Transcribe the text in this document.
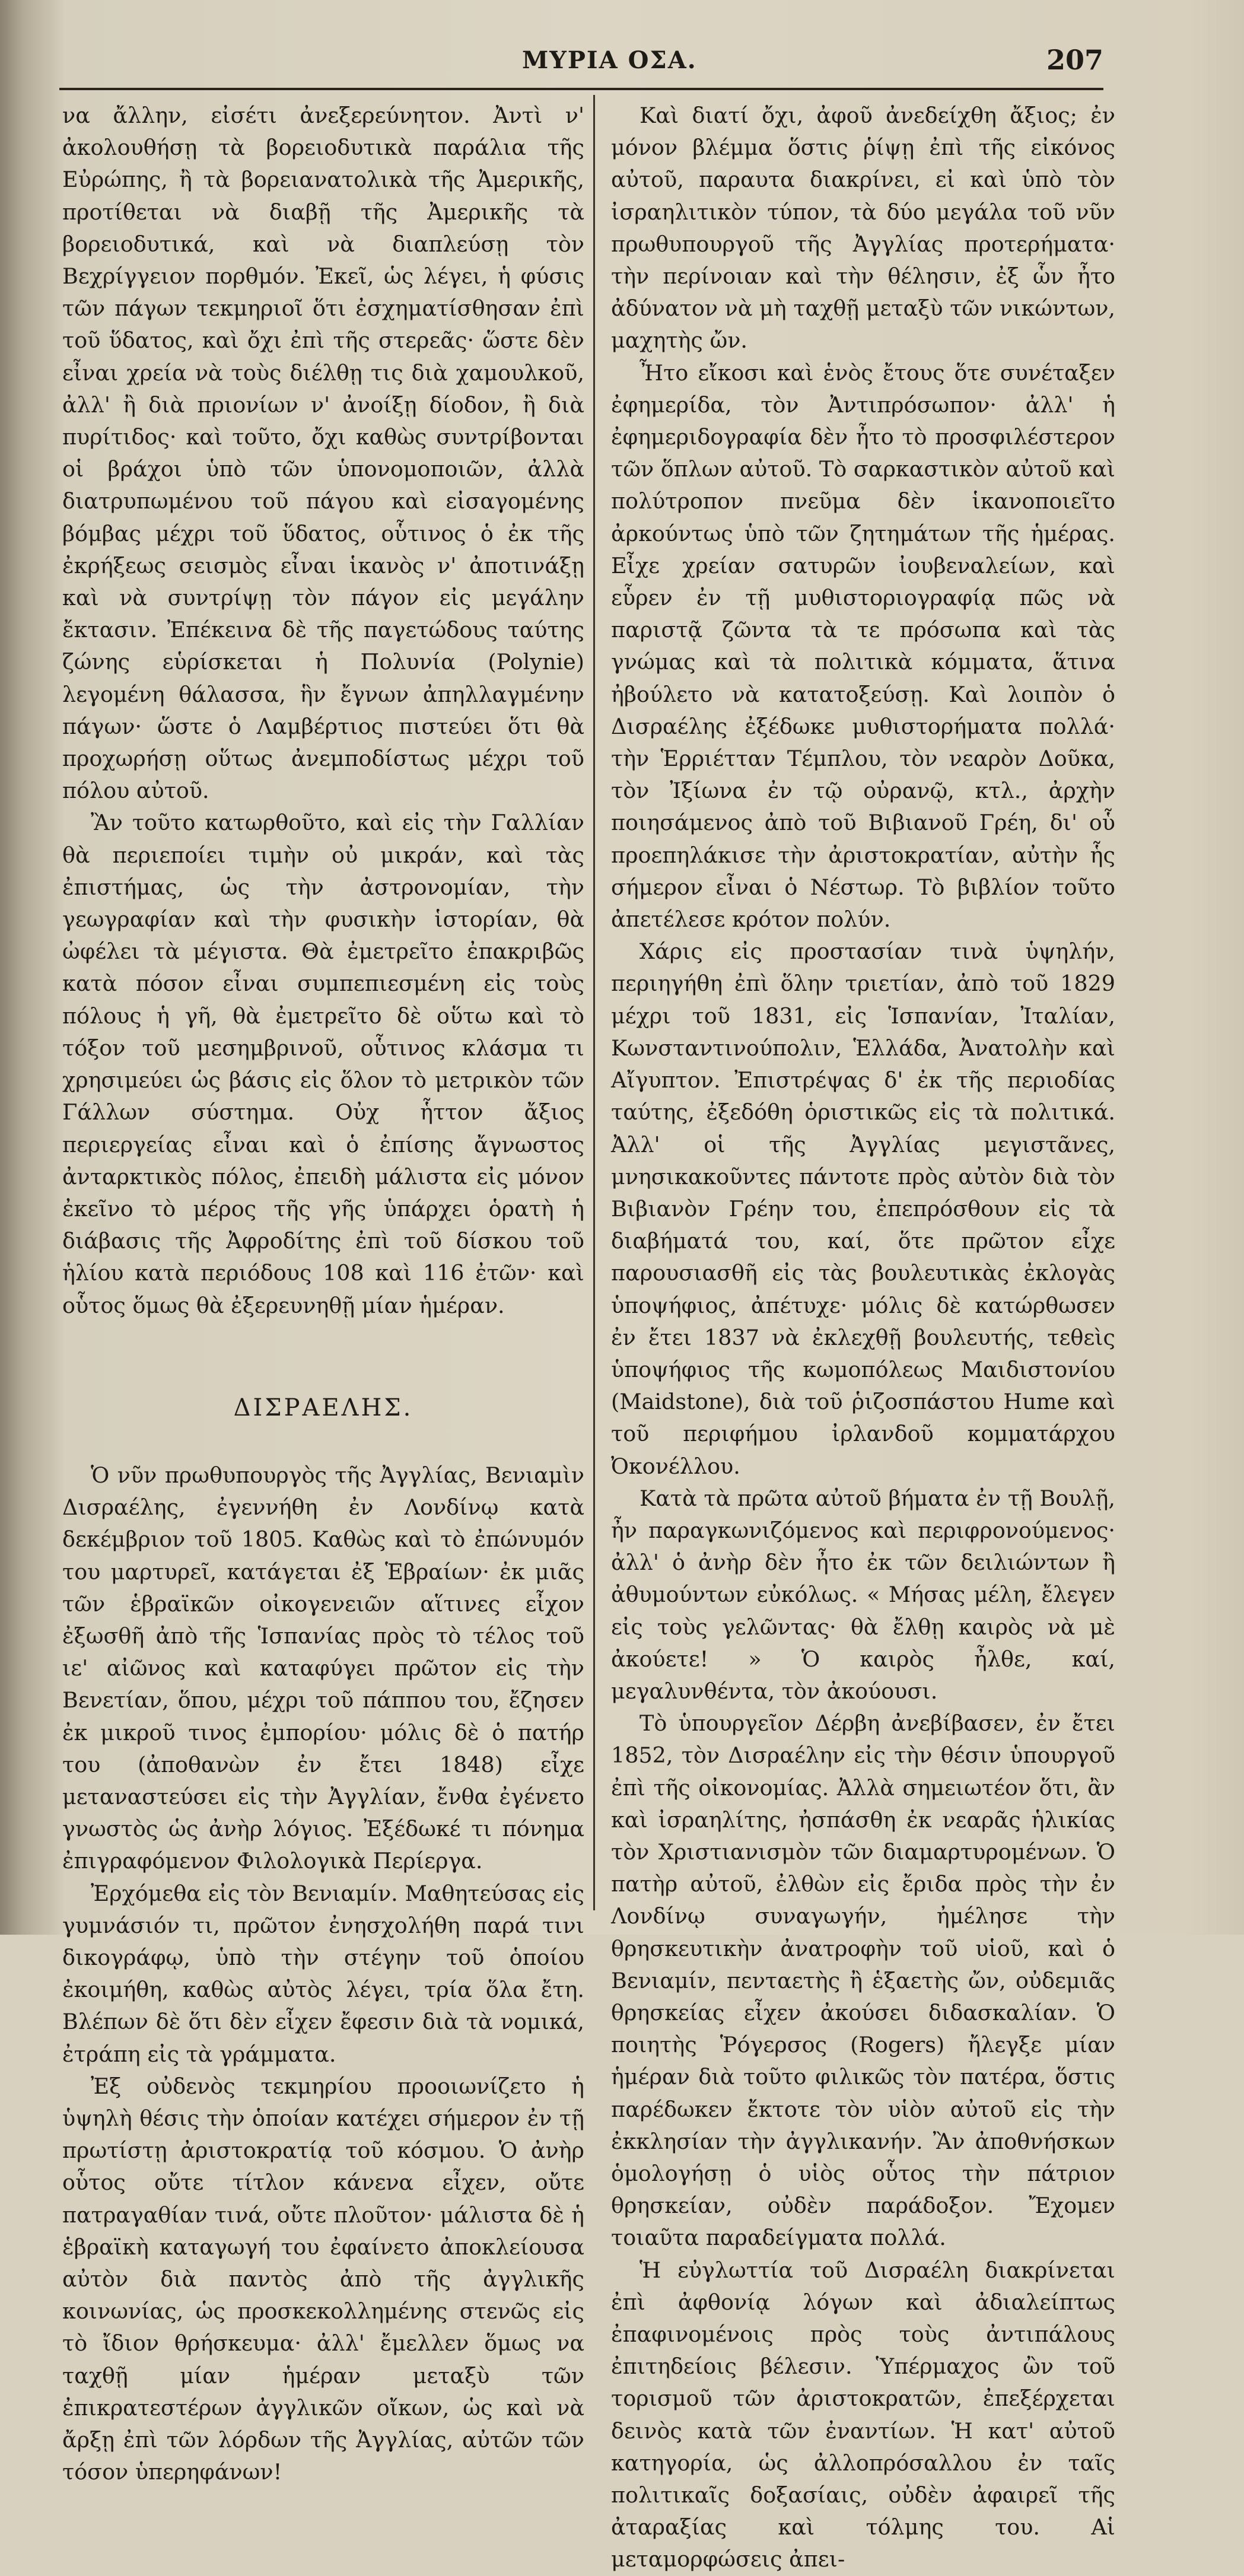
ΜΥΡΙΑ ΟΣΑ.	207

να ἄλλην, εἰσέτι ἀνεξερεύνητον. Ἀντὶ ν' ἀκολουθήσῃ τὰ βορειοδυτικὰ παράλια τῆς Εὐρώπης, ἢ τὰ βορειανατολικὰ τῆς Ἀμερικῆς, προτίθεται νὰ διαβῇ τῆς Ἀμερικῆς τὰ βορειοδυτικά, καὶ νὰ διαπλεύσῃ τὸν Βεχρίγγειον πορθμόν. Ἐκεῖ, ὡς λέγει, ἡ φύσις τῶν πάγων τεκμηριοῖ ὅτι ἐσχηματίσθησαν ἐπὶ τοῦ ὕδατος, καὶ ὄχι ἐπὶ τῆς στερεᾶς· ὥστε δὲν εἶναι χρεία νὰ τοὺς διέλθῃ τις διὰ χαμουλκοῦ, ἀλλ' ἢ διὰ πριονίων ν' ἀνοίξῃ δίοδον, ἢ διὰ πυρίτιδος· καὶ τοῦτο, ὄχι καθὼς συντρίβονται οἱ βράχοι ὑπὸ τῶν ὑπονομοποιῶν, ἀλλὰ διατρυπωμένου τοῦ πάγου καὶ εἰσαγομένης βόμβας μέχρι τοῦ ὕδατος, οὗτινος ὁ ἐκ τῆς ἐκρήξεως σεισμὸς εἶναι ἱκανὸς ν' ἀποτινάξῃ καὶ νὰ συντρίψῃ τὸν πάγον εἰς μεγάλην ἔκτασιν. Ἐπέκεινα δὲ τῆς παγετώδους ταύτης ζώνης εὑρίσκεται ἡ Πολυνία (Polynie) λεγομένη θάλασσα, ἣν ἔγνων ἀπηλλαγμένην πάγων· ὥστε ὁ Λαμβέρτιος πιστεύει ὅτι θὰ προχωρήσῃ οὕτως ἀνεμποδίστως μέχρι τοῦ πόλου αὐτοῦ.

Ἂν τοῦτο κατωρθοῦτο, καὶ εἰς τὴν Γαλλίαν θὰ περιεποίει τιμὴν οὐ μικράν, καὶ τὰς ἐπιστήμας, ὡς τὴν ἀστρονομίαν, τὴν γεωγραφίαν καὶ τὴν φυσικὴν ἱστορίαν, θὰ ὠφέλει τὰ μέγιστα. Θὰ ἐμετρεῖτο ἐπακριβῶς κατὰ πόσον εἶναι συμπεπιεσμένη εἰς τοὺς πόλους ἡ γῆ, θὰ ἐμετρεῖτο δὲ οὕτω καὶ τὸ τόξον τοῦ μεσημβρινοῦ, οὗτινος κλάσμα τι χρησιμεύει ὡς βάσις εἰς ὅλον τὸ μετρικὸν τῶν Γάλλων σύστημα. Οὐχ ἧττον ἄξιος περιεργείας εἶναι καὶ ὁ ἐπίσης ἄγνωστος ἀνταρκτικὸς πόλος, ἐπειδὴ μάλιστα εἰς μόνον ἐκεῖνο τὸ μέρος τῆς γῆς ὑπάρχει ὁρατὴ ἡ διάβασις τῆς Ἀφροδίτης ἐπὶ τοῦ δίσκου τοῦ ἡλίου κατὰ περιόδους 108 καὶ 116 ἐτῶν· καὶ οὗτος ὅμως θὰ ἐξερευνηθῇ μίαν ἡμέραν.

ΔΙΣΡΑΕΛΗΣ.

Ὁ νῦν πρωθυπουργὸς τῆς Ἀγγλίας, Βενιαμὶν Δισραέλης, ἐγεννήθη ἐν Λονδίνῳ κατὰ δεκέμβριον τοῦ 1805. Καθὼς καὶ τὸ ἐπώνυμόν του μαρτυρεῖ, κατάγεται ἐξ Ἑβραίων· ἐκ μιᾶς τῶν ἑβραϊκῶν οἰκογενειῶν αἵτινες εἶχον ἐξωσθῆ ἀπὸ τῆς Ἱσπανίας πρὸς τὸ τέλος τοῦ ιε' αἰῶνος καὶ καταφύγει πρῶτον εἰς τὴν Βενετίαν, ὅπου, μέχρι τοῦ πάππου του, ἔζησεν ἐκ μικροῦ τινος ἐμπορίου· μόλις δὲ ὁ πατήρ του (ἀποθανὼν ἐν ἔτει 1848) εἶχε μεταναστεύσει εἰς τὴν Ἀγγλίαν, ἔνθα ἐγένετο γνωστὸς ὡς ἀνὴρ λόγιος. Ἐξέδωκέ τι πόνημα ἐπιγραφόμενον Φιλολογικὰ Περίεργα.

Ἐρχόμεθα εἰς τὸν Βενιαμίν. Μαθητεύσας εἰς γυμνάσιόν τι, πρῶτον ἐνησχολήθη παρά τινι δικογράφῳ, ὑπὸ τὴν στέγην τοῦ ὁποίου ἐκοιμήθη, καθὼς αὐτὸς λέγει, τρία ὅλα ἔτη. Βλέπων δὲ ὅτι δὲν εἶχεν ἔφεσιν διὰ τὰ νομικά, ἐτράπη εἰς τὰ γράμματα.

Ἐξ οὐδενὸς τεκμηρίου προοιωνίζετο ἡ ὑψηλὴ θέσις τὴν ὁποίαν κατέχει σήμερον ἐν τῇ πρωτίστῃ ἀριστοκρατίᾳ τοῦ κόσμου. Ὁ ἀνὴρ οὗτος οὔτε τίτλον κάνενα εἶχεν, οὔτε πατραγαθίαν τινά, οὔτε πλοῦτον· μάλιστα δὲ ἡ ἑβραϊκὴ καταγωγή του ἐφαίνετο ἀποκλείουσα αὐτὸν διὰ παντὸς ἀπὸ τῆς ἀγγλικῆς κοινωνίας, ὡς προσκεκολλημένης στενῶς εἰς τὸ ἴδιον θρήσκευμα· ἀλλ' ἔμελλεν ὅμως να ταχθῇ μίαν ἡμέραν μεταξὺ τῶν ἐπικρατεστέρων ἀγγλικῶν οἴκων, ὡς καὶ νὰ ἄρξῃ ἐπὶ τῶν λόρδων τῆς Ἀγγλίας, αὐτῶν τῶν τόσον ὑπερηφάνων!

Καὶ διατί ὄχι, ἀφοῦ ἀνεδείχθη ἄξιος; ἐν μόνον βλέμμα ὅστις ῥίψῃ ἐπὶ τῆς εἰκόνος αὐτοῦ, παραυτα διακρίνει, εἰ καὶ ὑπὸ τὸν ἰσραηλιτικὸν τύπον, τὰ δύο μεγάλα τοῦ νῦν πρωθυπουργοῦ τῆς Ἀγγλίας προτερήματα· τὴν περίνοιαν καὶ τὴν θέλησιν, ἐξ ὧν ἦτο ἀδύνατον νὰ μὴ ταχθῇ μεταξὺ τῶν νικώντων, μαχητὴς ὤν.

Ἦτο εἴκοσι καὶ ἑνὸς ἔτους ὅτε συνέταξεν ἐφημερίδα, τὸν Ἀντιπρόσωπον· ἀλλ' ἡ ἐφημεριδογραφία δὲν ἦτο τὸ προσφιλέστερον τῶν ὅπλων αὐτοῦ. Τὸ σαρκαστικὸν αὐτοῦ καὶ πολύτροπον πνεῦμα δὲν ἱκανοποιεῖτο ἀρκούντως ὑπὸ τῶν ζητημάτων τῆς ἡμέρας. Εἶχε χρείαν σατυρῶν ἰουβεναλείων, καὶ εὗρεν ἐν τῇ μυθιστοριογραφίᾳ πῶς νὰ παριστᾷ ζῶντα τὰ τε πρόσωπα καὶ τὰς γνώμας καὶ τὰ πολιτικὰ κόμματα, ἅτινα ἠβούλετο νὰ κατατοξεύσῃ. Καὶ λοιπὸν ὁ Δισραέλης ἐξέδωκε μυθιστορήματα πολλά· τὴν Ἑρριέτταν Τέμπλου, τὸν νεαρὸν Δοῦκα, τὸν Ἰξίωνα ἐν τῷ οὐρανῷ, κτλ., ἀρχὴν ποιησάμενος ἀπὸ τοῦ Βιβιανοῦ Γρέη, δι' οὗ προεπηλάκισε τὴν ἀριστοκρατίαν, αὐτὴν ἧς σήμερον εἶναι ὁ Νέστωρ. Τὸ βιβλίον τοῦτο ἀπετέλεσε κρότον πολύν.

Χάρις εἰς προστασίαν τινὰ ὑψηλήν, περιηγήθη ἐπὶ ὅλην τριετίαν, ἀπὸ τοῦ 1829 μέχρι τοῦ 1831, εἰς Ἱσπανίαν, Ἰταλίαν, Κωνσταντινούπολιν, Ἑλλάδα, Ἀνατολὴν καὶ Αἴγυπτον. Ἐπιστρέψας δ' ἐκ τῆς περιοδίας ταύτης, ἐξεδόθη ὁριστικῶς εἰς τὰ πολιτικά. Ἀλλ' οἱ τῆς Ἀγγλίας μεγιστᾶνες, μνησικακοῦντες πάντοτε πρὸς αὐτὸν διὰ τὸν Βιβιανὸν Γρέην του, ἐπεπρόσθουν εἰς τὰ διαβήματά του, καί, ὅτε πρῶτον εἶχε παρουσιασθῆ εἰς τὰς βουλευτικὰς ἐκλογὰς ὑποψήφιος, ἀπέτυχε· μόλις δὲ κατώρθωσεν ἐν ἔτει 1837 νὰ ἐκλεχθῇ βουλευτής, τεθεὶς ὑποψήφιος τῆς κωμοπόλεως Μαιδιστονίου (Maidstone), διὰ τοῦ ῥιζοσπάστου Hume καὶ τοῦ περιφήμου ἰρλανδοῦ κομματάρχου Ὀκονέλλου.

Κατὰ τὰ πρῶτα αὐτοῦ βήματα ἐν τῇ Βουλῇ, ἦν παραγκωνιζόμενος καὶ περιφρονούμενος· ἀλλ' ὁ ἀνὴρ δὲν ἦτο ἐκ τῶν δειλιώντων ἢ ἀθυμούντων εὐκόλως. « Μήσας μέλη, ἔλεγεν εἰς τοὺς γελῶντας· θὰ ἔλθῃ καιρὸς νὰ μὲ ἀκούετε! » Ὁ καιρὸς ἦλθε, καί, μεγαλυνθέντα, τὸν ἀκούουσι.

Τὸ ὑπουργεῖον Δέρβη ἀνεβίβασεν, ἐν ἔτει 1852, τὸν Δισραέλην εἰς τὴν θέσιν ὑπουργοῦ ἐπὶ τῆς οἰκονομίας. Ἀλλὰ σημειωτέον ὅτι, ἂν καὶ ἰσραηλίτης, ἠσπάσθη ἐκ νεαρᾶς ἡλικίας τὸν Χριστιανισμὸν τῶν διαμαρτυρομένων. Ὁ πατὴρ αὐτοῦ, ἐλθὼν εἰς ἔριδα πρὸς τὴν ἐν Λονδίνῳ συναγωγήν, ἠμέλησε τὴν θρησκευτικὴν ἀνατροφὴν τοῦ υἱοῦ, καὶ ὁ Βενιαμίν, πενταετὴς ἢ ἑξαετὴς ὤν, οὐδεμιᾶς θρησκείας εἶχεν ἀκούσει διδασκαλίαν. Ὁ ποιητὴς Ῥόγερσος (Rogers) ἤλεγξε μίαν ἡμέραν διὰ τοῦτο φιλικῶς τὸν πατέρα, ὅστις παρέδωκεν ἔκτοτε τὸν υἱὸν αὐτοῦ εἰς τὴν ἐκκλησίαν τὴν ἀγγλικανήν. Ἂν ἀποθνήσκων ὁμολογήσῃ ὁ υἱὸς οὗτος τὴν πάτριον θρησκείαν, οὐδὲν παράδοξον. Ἔχομεν τοιαῦτα παραδείγματα πολλά.

Ἡ εὐγλωττία τοῦ Δισραέλη διακρίνεται ἐπὶ ἀφθονίᾳ λόγων καὶ ἀδιαλείπτως ἐπαφινομένοις πρὸς τοὺς ἀντιπάλους ἐπιτηδείοις βέλεσιν. Ὑπέρμαχος ὢν τοῦ τορισμοῦ τῶν ἀριστοκρατῶν, ἐπεξέρχεται δεινὸς κατὰ τῶν ἐναντίων. Ἡ κατ' αὐτοῦ κατηγορία, ὡς ἀλλοπρόσαλλου ἐν ταῖς πολιτικαῖς δοξασίαις, οὐδὲν ἀφαιρεῖ τῆς ἀταραξίας καὶ τόλμης του. Αἱ μεταμορφώσεις ἀπει-
